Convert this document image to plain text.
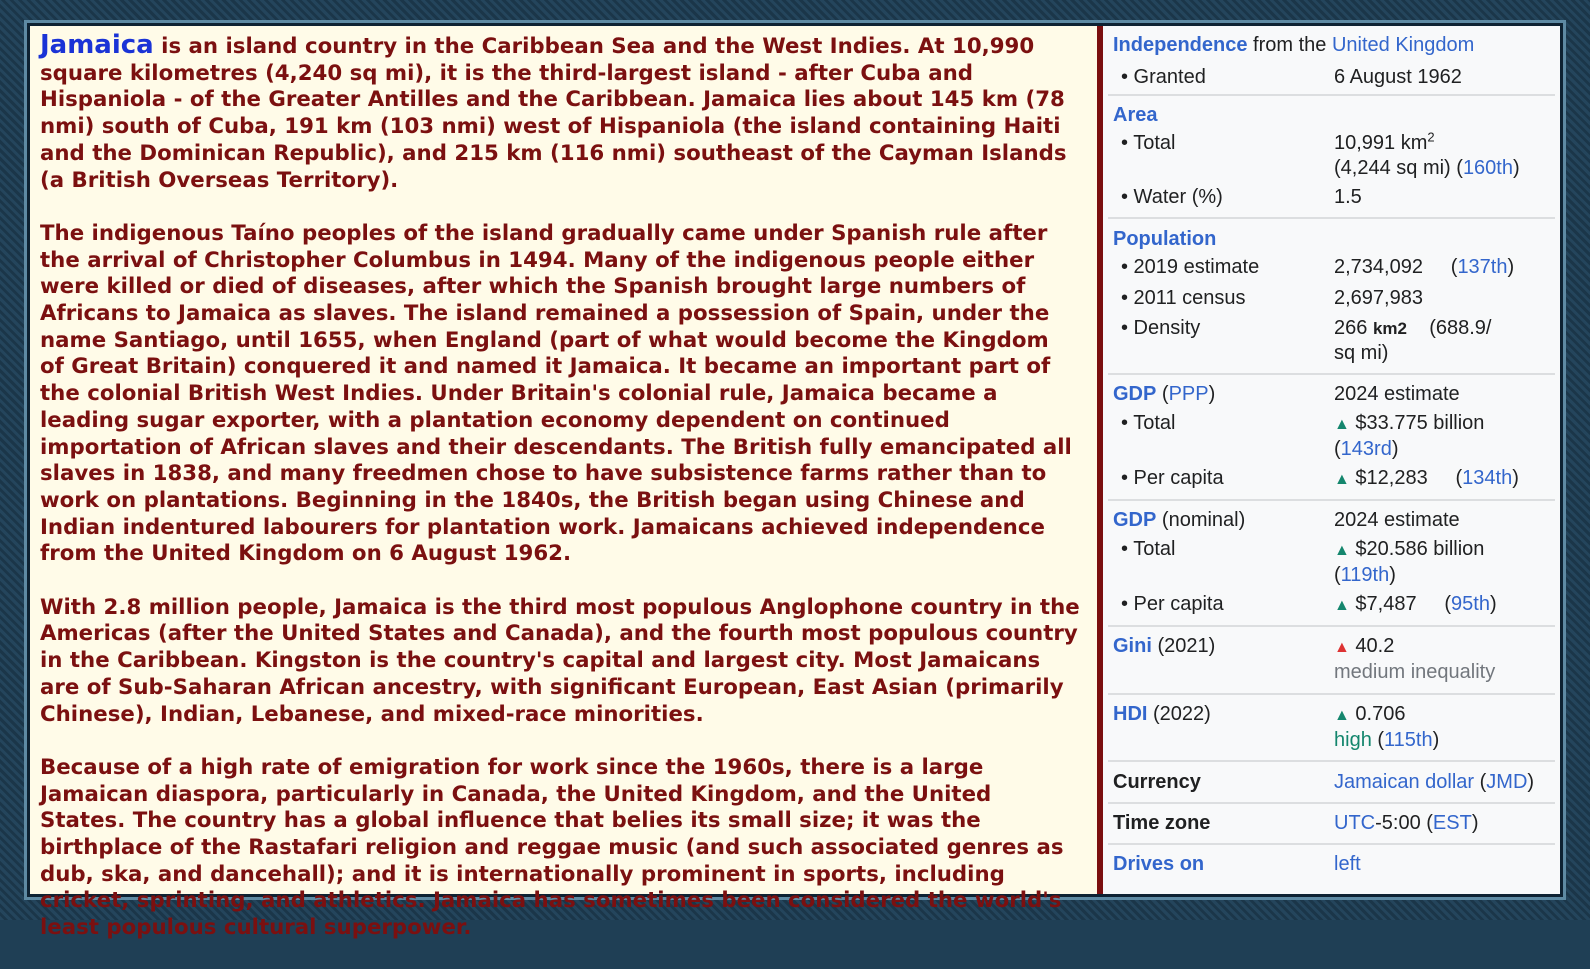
Jamaica is an island country in the Caribbean Sea and the West Indies. At 10,990 square kilometres (4,240 sq mi), it is the third-largest island - after Cuba and Hispaniola - of the Greater Antilles and the Caribbean. Jamaica lies about 145 km (78 nmi) south of Cuba, 191 km (103 nmi) west of Hispaniola (the island containing Haiti and the Dominican Republic), and 215 km (116 nmi) southeast of the Cayman Islands (a British Overseas Territory).

The indigenous Taíno peoples of the island gradually came under Spanish rule after the arrival of Christopher Columbus in 1494. Many of the indigenous people either were killed or died of diseases, after which the Spanish brought large numbers of Africans to Jamaica as slaves. The island remained a possession of Spain, under the name Santiago, until 1655, when England (part of what would become the Kingdom of Great Britain) conquered it and named it Jamaica. It became an important part of the colonial British West Indies. Under Britain's colonial rule, Jamaica became a leading sugar exporter, with a plantation economy dependent on continued importation of African slaves and their descendants. The British fully emancipated all slaves in 1838, and many freedmen chose to have subsistence farms rather than to work on plantations. Beginning in the 1840s, the British began using Chinese and Indian indentured labourers for plantation work. Jamaicans achieved independence from the United Kingdom on 6 August 1962.

With 2.8 million people, Jamaica is the third most populous Anglophone country in the Americas (after the United States and Canada), and the fourth most populous country in the Caribbean. Kingston is the country's capital and largest city. Most Jamaicans are of Sub-Saharan African ancestry, with significant European, East Asian (primarily Chinese), Indian, Lebanese, and mixed-race minorities.

Because of a high rate of emigration for work since the 1960s, there is a large Jamaican diaspora, particularly in Canada, the United Kingdom, and the United States. The country has a global influence that belies its small size; it was the birthplace of the Rastafari religion and reggae music (and such associated genres as dub, ska, and dancehall); and it is internationally prominent in sports, including cricket, sprinting, and athletics. Jamaica has sometimes been considered the world's least populous cultural superpower.

Independence from the United Kingdom
• Granted	6 August 1962
Area
• Total	10,991 $km^2$
(4,244 sq mi) (160th)
• Water (%)	1.5
Population
• 2019 estimate	2,734,092     (137th)
• 2011 census	2,697,983
• Density	266 km2 (688.9/
sq mi)
GDP (PPP)	2024 estimate
• Total	▲ $33.775 billion
(143rd)
• Per capita	▲ $12,283     (134th)
GDP (nominal)	2024 estimate
• Total	▲ $20.586 billion
(119th)
• Per capita	▲ $7,487     (95th)
Gini (2021)	▲ 40.2
medium inequality
HDI (2022)	▲ 0.706
high (115th)
Currency	Jamaican dollar (JMD)
Time zone	UTC-5:00 (EST)
Drives on	left
